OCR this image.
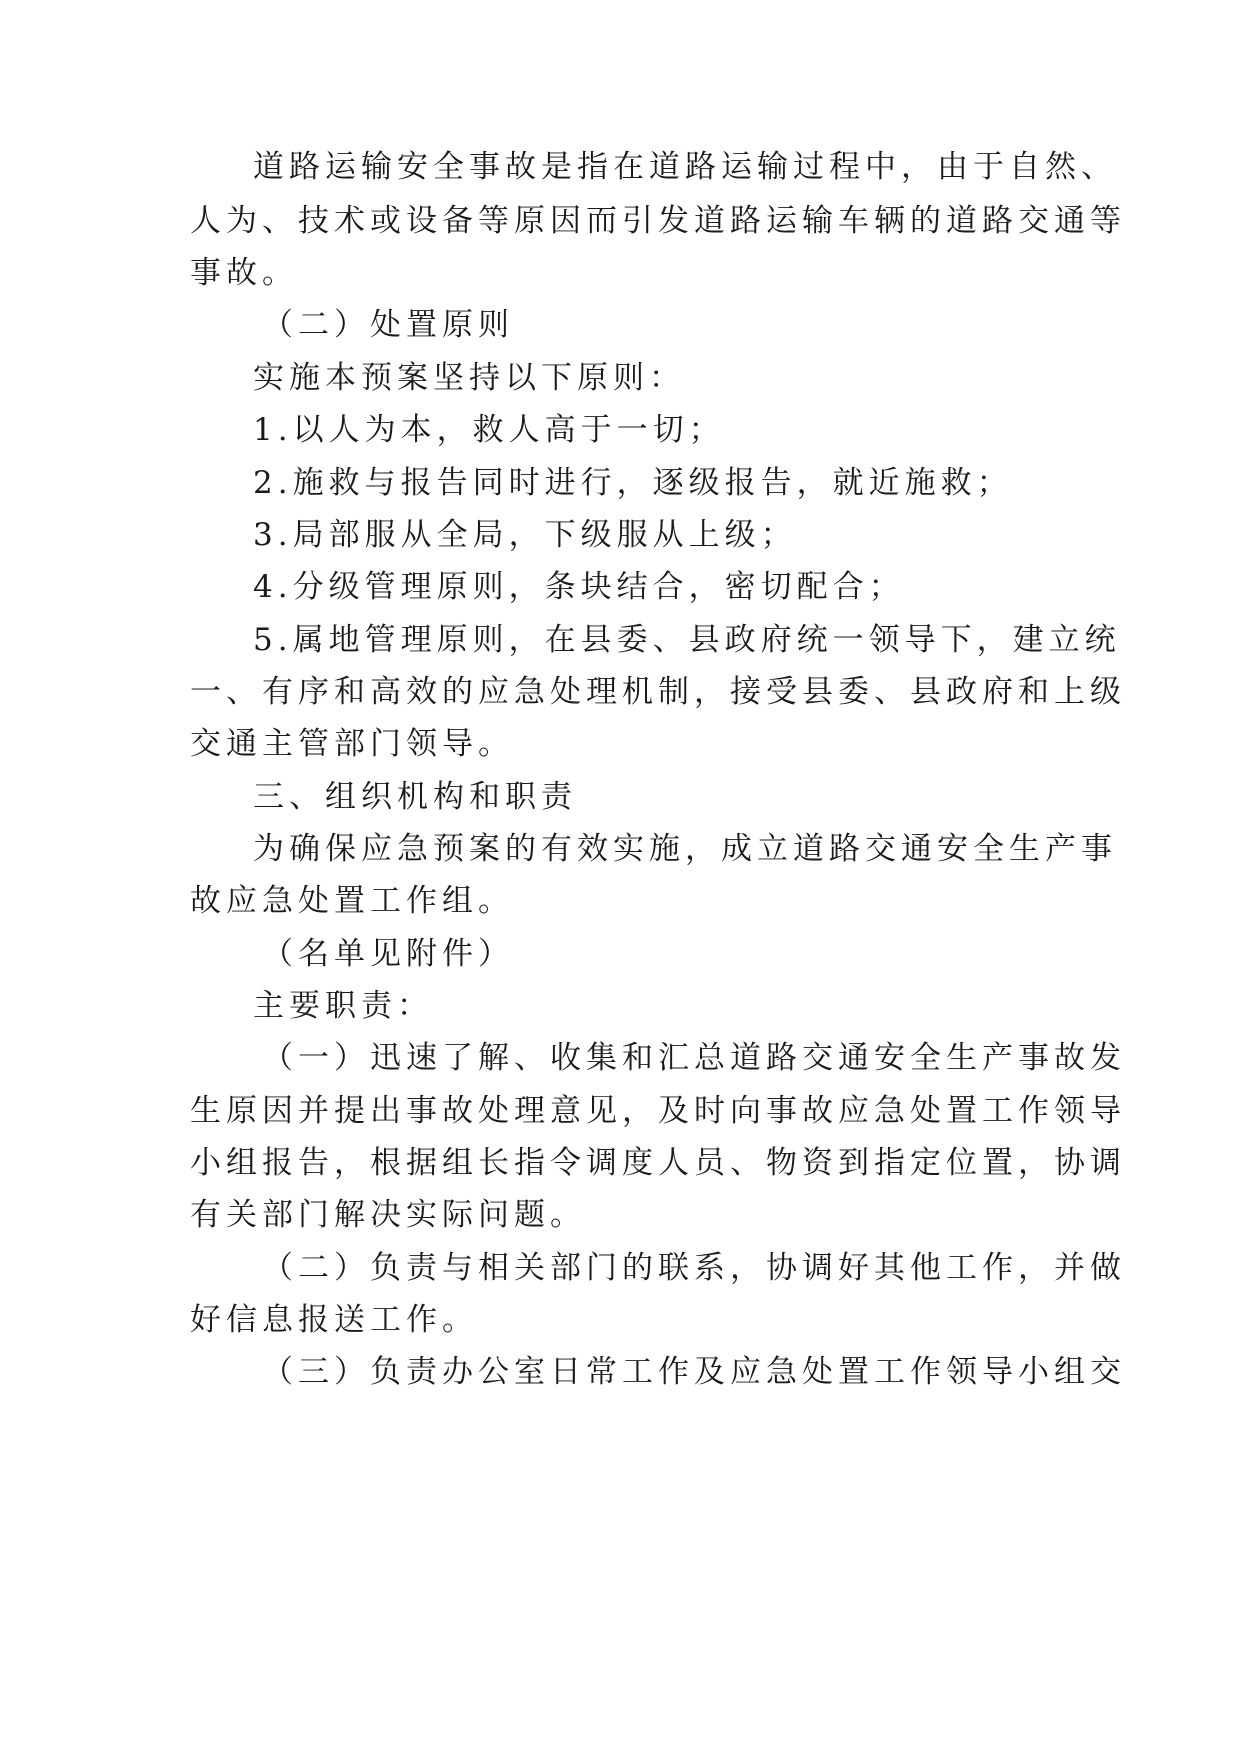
道路运输安全事故是指在道路运输过程中，由于自然、
人为、技术或设备等原因而引发道路运输车辆的道路交通等
事故。
（二）处置原则
实施本预案坚持以下原则：
1.以人为本，救人高于一切；
2.施救与报告同时进行，逐级报告，就近施救；
3.局部服从全局，下级服从上级；
4.分级管理原则，条块结合，密切配合；
5.属地管理原则，在县委、县政府统一领导下，建立统
一、有序和高效的应急处理机制，接受县委、县政府和上级
交通主管部门领导。
三、组织机构和职责
为确保应急预案的有效实施，成立道路交通安全生产事
故应急处置工作组。
（名单见附件）
主要职责：
（一）迅速了解、收集和汇总道路交通安全生产事故发
生原因并提出事故处理意见，及时向事故应急处置工作领导
小组报告，根据组长指令调度人员、物资到指定位置，协调
有关部门解决实际问题。
（二）负责与相关部门的联系，协调好其他工作，并做
好信息报送工作。
（三）负责办公室日常工作及应急处置工作领导小组交
